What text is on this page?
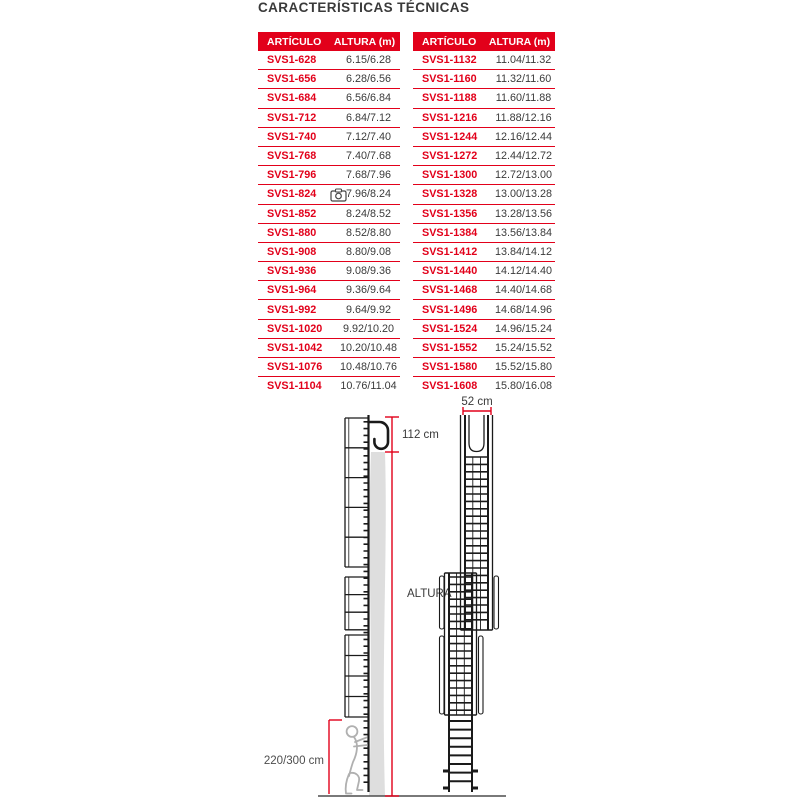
CARACTERÍSTICAS TÉCNICAS
ARTÍCULO	ALTURA (m)
SVS1-628	6.15/6.28
SVS1-656	6.28/6.56
SVS1-684	6.56/6.84
SVS1-712	6.84/7.12
SVS1-740	7.12/7.40
SVS1-768	7.40/7.68
SVS1-796	7.68/7.96
SVS1-824	7.96/8.24
SVS1-852	8.24/8.52
SVS1-880	8.52/8.80
SVS1-908	8.80/9.08
SVS1-936	9.08/9.36
SVS1-964	9.36/9.64
SVS1-992	9.64/9.92
SVS1-1020	9.92/10.20
SVS1-1042	10.20/10.48
SVS1-1076	10.48/10.76
SVS1-1104	10.76/11.04
ARTÍCULO	ALTURA (m)
SVS1-1132	11.04/11.32
SVS1-1160	11.32/11.60
SVS1-1188	11.60/11.88
SVS1-1216	11.88/12.16
SVS1-1244	12.16/12.44
SVS1-1272	12.44/12.72
SVS1-1300	12.72/13.00
SVS1-1328	13.00/13.28
SVS1-1356	13.28/13.56
SVS1-1384	13.56/13.84
SVS1-1412	13.84/14.12
SVS1-1440	14.12/14.40
SVS1-1468	14.40/14.68
SVS1-1496	14.68/14.96
SVS1-1524	14.96/15.24
SVS1-1552	15.24/15.52
SVS1-1580	15.52/15.80
SVS1-1608	15.80/16.08
112 cm
ALTURA
220/300 cm
52 cm
